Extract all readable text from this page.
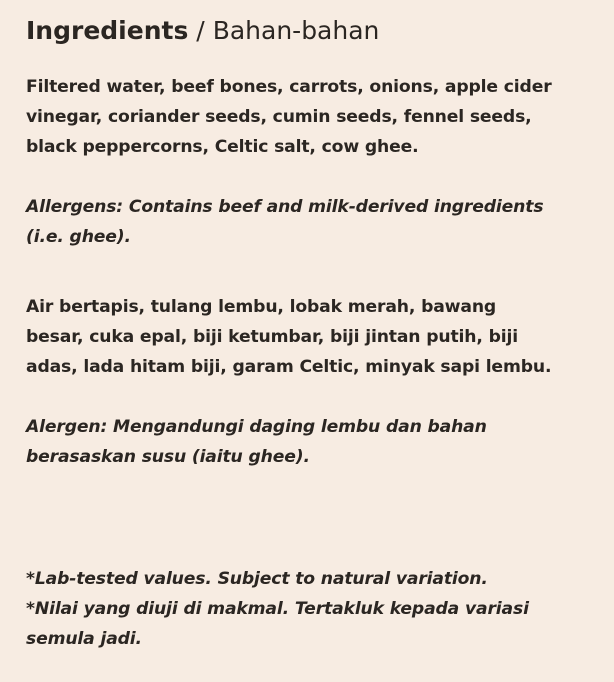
Ingredients / Bahan-bahan

Filtered water, beef bones, carrots, onions, apple cider
vinegar, coriander seeds, cumin seeds, fennel seeds,
black peppercorns, Celtic salt, cow ghee.

Allergens: Contains beef and milk-derived ingredients
(i.e. ghee).

Air bertapis, tulang lembu, lobak merah, bawang
besar, cuka epal, biji ketumbar, biji jintan putih, biji
adas, lada hitam biji, garam Celtic, minyak sapi lembu.

Alergen: Mengandungi daging lembu dan bahan
berasaskan susu (iaitu ghee).

*Lab-tested values. Subject to natural variation.
*Nilai yang diuji di makmal. Tertakluk kepada variasi
semula jadi.
